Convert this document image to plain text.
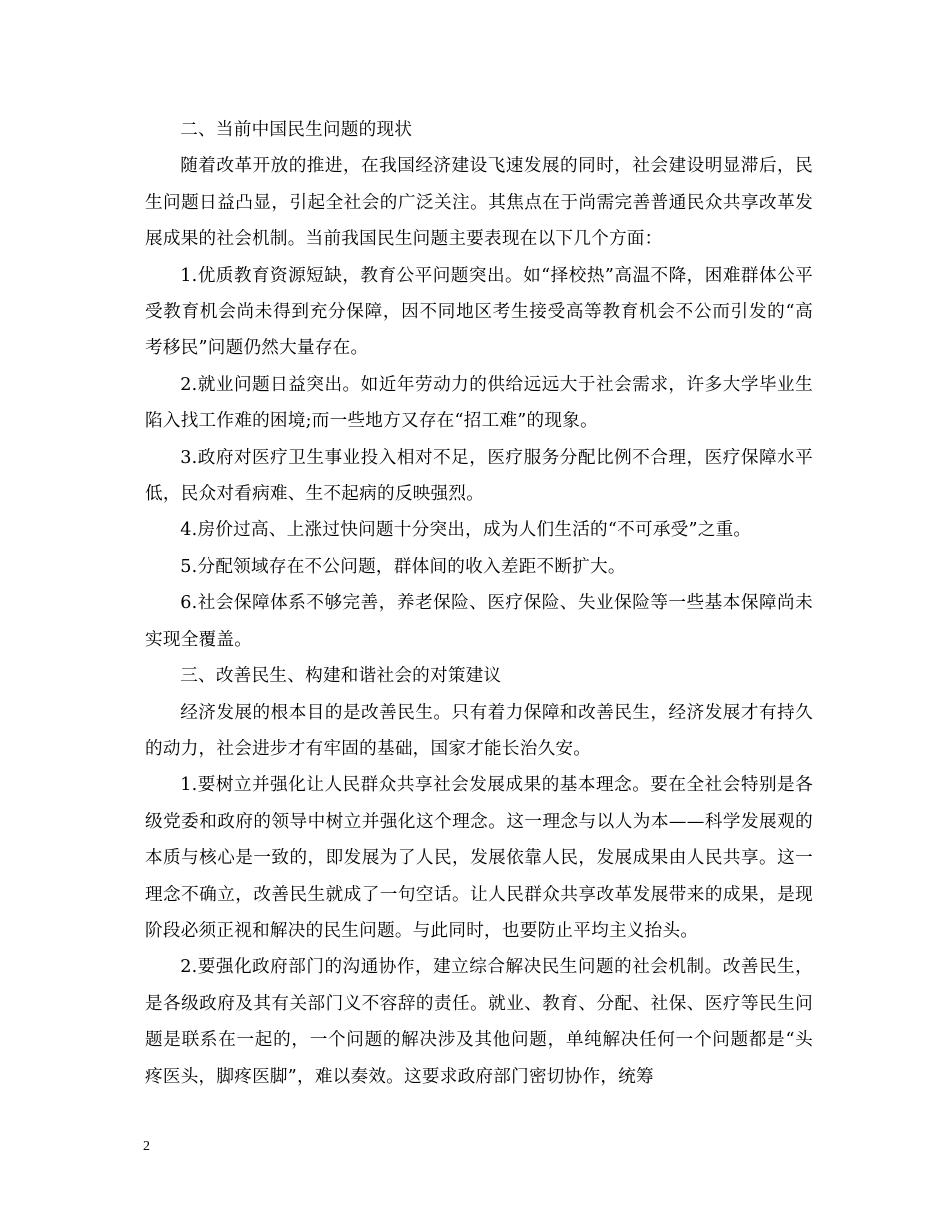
二、当前中国民生问题的现状

随着改革开放的推进，在我国经济建设飞速发展的同时，社会建设明显滞后，民生问题日益凸显，引起全社会的广泛关注。其焦点在于尚需完善普通民众共享改革发展成果的社会机制。当前我国民生问题主要表现在以下几个方面：

1.优质教育资源短缺，教育公平问题突出。如“择校热”高温不降，困难群体公平受教育机会尚未得到充分保障，因不同地区考生接受高等教育机会不公而引发的“高考移民”问题仍然大量存在。

2.就业问题日益突出。如近年劳动力的供给远远大于社会需求，许多大学毕业生陷入找工作难的困境;而一些地方又存在“招工难”的现象。

3.政府对医疗卫生事业投入相对不足，医疗服务分配比例不合理，医疗保障水平低，民众对看病难、生不起病的反映强烈。

4.房价过高、上涨过快问题十分突出，成为人们生活的“不可承受”之重。

5.分配领域存在不公问题，群体间的收入差距不断扩大。

6.社会保障体系不够完善，养老保险、医疗保险、失业保险等一些基本保障尚未实现全覆盖。

三、改善民生、构建和谐社会的对策建议

经济发展的根本目的是改善民生。只有着力保障和改善民生，经济发展才有持久的动力，社会进步才有牢固的基础，国家才能长治久安。

1.要树立并强化让人民群众共享社会发展成果的基本理念。要在全社会特别是各级党委和政府的领导中树立并强化这个理念。这一理念与以人为本——科学发展观的本质与核心是一致的，即发展为了人民，发展依靠人民，发展成果由人民共享。这一理念不确立，改善民生就成了一句空话。让人民群众共享改革发展带来的成果，是现阶段必须正视和解决的民生问题。与此同时，也要防止平均主义抬头。

2.要强化政府部门的沟通协作，建立综合解决民生问题的社会机制。改善民生，是各级政府及其有关部门义不容辞的责任。就业、教育、分配、社保、医疗等民生问题是联系在一起的，一个问题的解决涉及其他问题，单纯解决任何一个问题都是“头疼医头，脚疼医脚”，难以奏效。这要求政府部门密切协作，统筹

2
